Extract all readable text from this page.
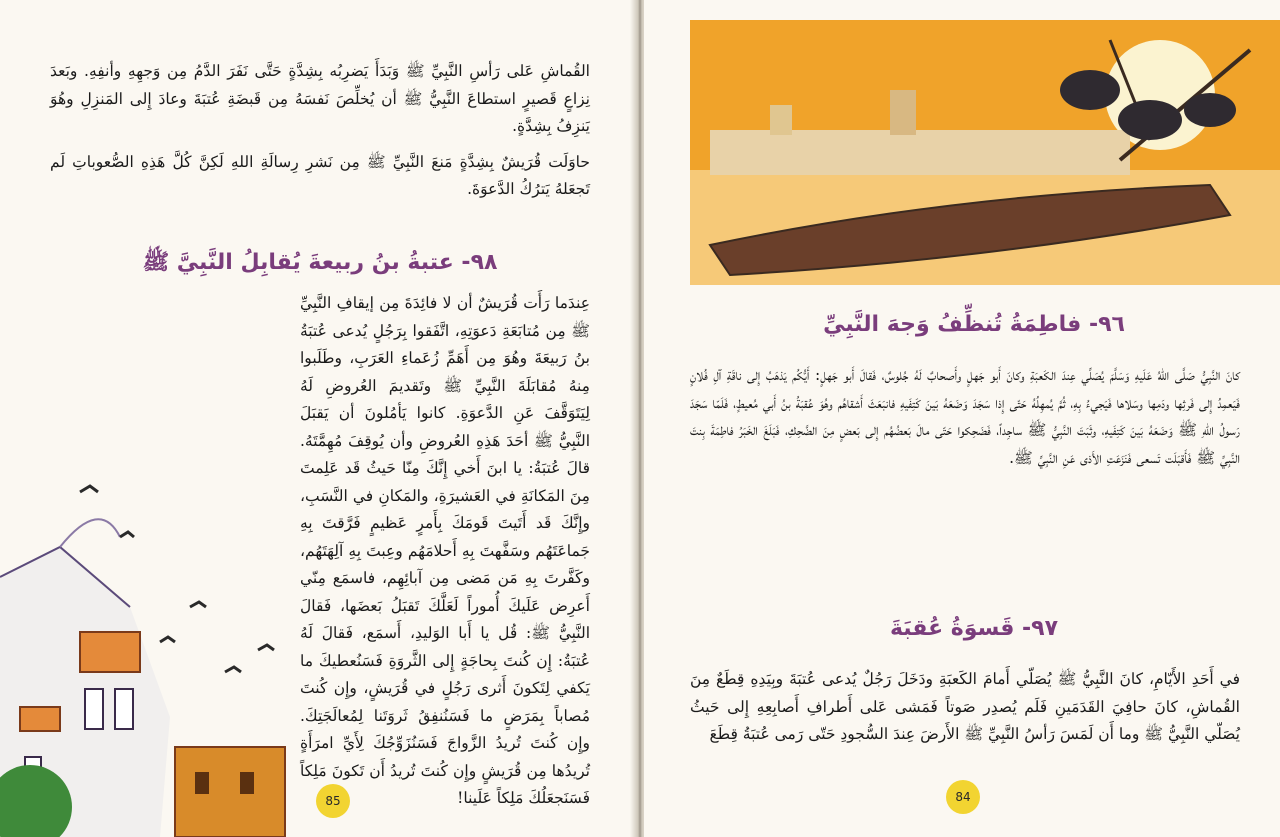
القُماشِ عَلى رَأسِ النَّبِيِّ ﷺ وَبَدَأَ يَضرِبُه بِشِدَّةٍ حَتَّى نَفَرَ الدَّمُ مِن وَجهِهِ وأنفِهِ. وبَعدَ نِزاعٍ قَصيرٍ استطاعَ النَّبِيُّ ﷺ أن يُخلِّصَ نَفسَهُ مِن قَبضَةِ عُتبَةَ وعادَ إِلى المَنزِلِ وهُوَ يَنزِفُ بِشِدَّةٍ.

حاوَلَت قُرَيشٌ بِشِدَّةٍ مَنعَ النَّبِيِّ ﷺ مِن نَشرِ رِسالَةِ اللهِ لَكِنَّ كُلَّ هَذِهِ الصُّعوباتِ لَم تَجعَلهُ يَترُكُ الدَّعوَةَ.

٩٨- عتبةُ بنُ ربيعةَ يُقابِلُ النَّبِيَّ ﷺ
عِندَما رَأَت قُرَيشٌ أن لا فائِدَةَ مِن إيقافِ النَّبِيِّ ﷺ مِن مُتابَعَةِ دَعوَتِهِ، اتَّفَقوا بِرَجُلٍ يُدعى عُتبَةُ بنُ رَبيعَةَ وهُوَ مِن أَهَمِّ زُعَماءِ العَرَبِ، وطَلَبوا مِنهُ مُقابَلَةَ النَّبِيِّ ﷺ وتَقديمَ العُروضِ لَهُ لِيَتَوَقَّفَ عَنِ الدَّعوَةِ. كانوا يَأمُلونَ أن يَقبَلَ النَّبِيُّ ﷺ أحَدَ هَذِهِ العُروضِ وأن يُوقِفَ مُهِمَّتَهُ. قالَ عُتبَةُ: يا ابنَ أَخي إِنَّكَ مِنّا حَيثُ قَد عَلِمتَ مِنَ المَكانَةِ في العَشيرَةِ، والمَكانِ في النَّسَبِ، وإِنَّكَ قَد أَتَيتَ قَومَكَ بِأَمرٍ عَظيمٍ فَرَّقتَ بِهِ جَماعَتَهُم وسَفَّهتَ بِهِ أَحلامَهُم وعِبتَ بِهِ آلِهَتَهُم، وكَفَّرتَ بِهِ مَن مَضى مِن آبائِهِم، فاسمَع مِنّي أَعرِض عَلَيكَ أُموراً لَعَلَّكَ تَقبَلُ بَعضَها، فَقالَ النَّبِيُّ ﷺ: قُل يا أَبا الوَليدِ، أَسمَع، فَقالَ لَهُ عُتبَةُ: إِن كُنتَ بِحاجَةٍ إِلى الثَّروَةِ فَسَنُعطيكَ ما يَكفي لِتَكونَ أَثرى رَجُلٍ في قُرَيشٍ، وإِن كُنتَ مُصاباً بِمَرَضٍ ما فَسَنُنفِقُ ثَروَتَنا لِمُعالَجَتِكَ. وإِن كُنتَ تُريدُ الزَّواجَ فَسَنُزَوِّجُكَ لِأَيِّ امرَأَةٍ تُريدُها مِن قُرَيشٍ وإِن كُنتَ تُريدُ أَن تَكونَ مَلِكاً فَسَنَجعَلُكَ مَلِكاً عَلَينا!
85
٩٦- فاطِمَةُ تُنظِّفُ وَجهَ النَّبِيِّ
كانَ النَّبِيُّ صَلَّى اللهُ عَلَيهِ وَسَلَّمَ يُصَلِّي عِندَ الكَعبَةِ وكانَ أَبو جَهلٍ وأَصحابٌ لَهُ جُلوسٌ، فَقالَ أَبو جَهلٍ: أَيُّكُم يَذهَبُ إِلى ناقَةِ آلِ فُلانٍ فَيَعمِدُ إِلى فَرثِها ودَمِها وسَلاها فَيَجيءُ بِهِ، ثُمَّ يُمهِلُهُ حَتّى إِذا سَجَدَ وَضَعَهُ بَينَ كَتِفَيهِ فانبَعَثَ أَشقاهُم وهُوَ عُقبَةُ بنُ أَبي مُعيطٍ، فَلَمّا سَجَدَ رَسولُ اللهِ ﷺ وَضَعَهُ بَينَ كَتِفَيهِ، وثَبَتَ النَّبِيُّ ﷺ ساجِداً، فَضَحِكوا حَتّى مالَ بَعضُهُم إِلى بَعضٍ مِنَ الضَّحِكِ، فَبَلَغَ الخَبَرُ فاطِمَةَ بِنتَ النَّبِيِّ ﷺ فَأَقبَلَت تَسعى فَنَزَعَتِ الأَذى عَنِ النَّبِيِّ ﷺ.
٩٧- قَسوَةُ عُقبَةَ
في أَحَدِ الأَيّامِ، كانَ النَّبِيُّ ﷺ يُصَلّي أَمامَ الكَعبَةِ ودَخَلَ رَجُلٌ يُدعى عُتبَةَ وبِيَدِهِ قِطَعٌ مِنَ القُماشِ، كانَ حافِيَ القَدَمَينِ فَلَم يُصدِر صَوتاً فَمَشى عَلى أَطرافِ أَصابِعِهِ إِلى حَيثُ يُصَلّي النَّبِيُّ ﷺ وما أَن لَمَسَ رَأسُ النَّبِيِّ ﷺ الأَرضَ عِندَ السُّجودِ حَتّى رَمى عُتبَةُ قِطَعَ
84
